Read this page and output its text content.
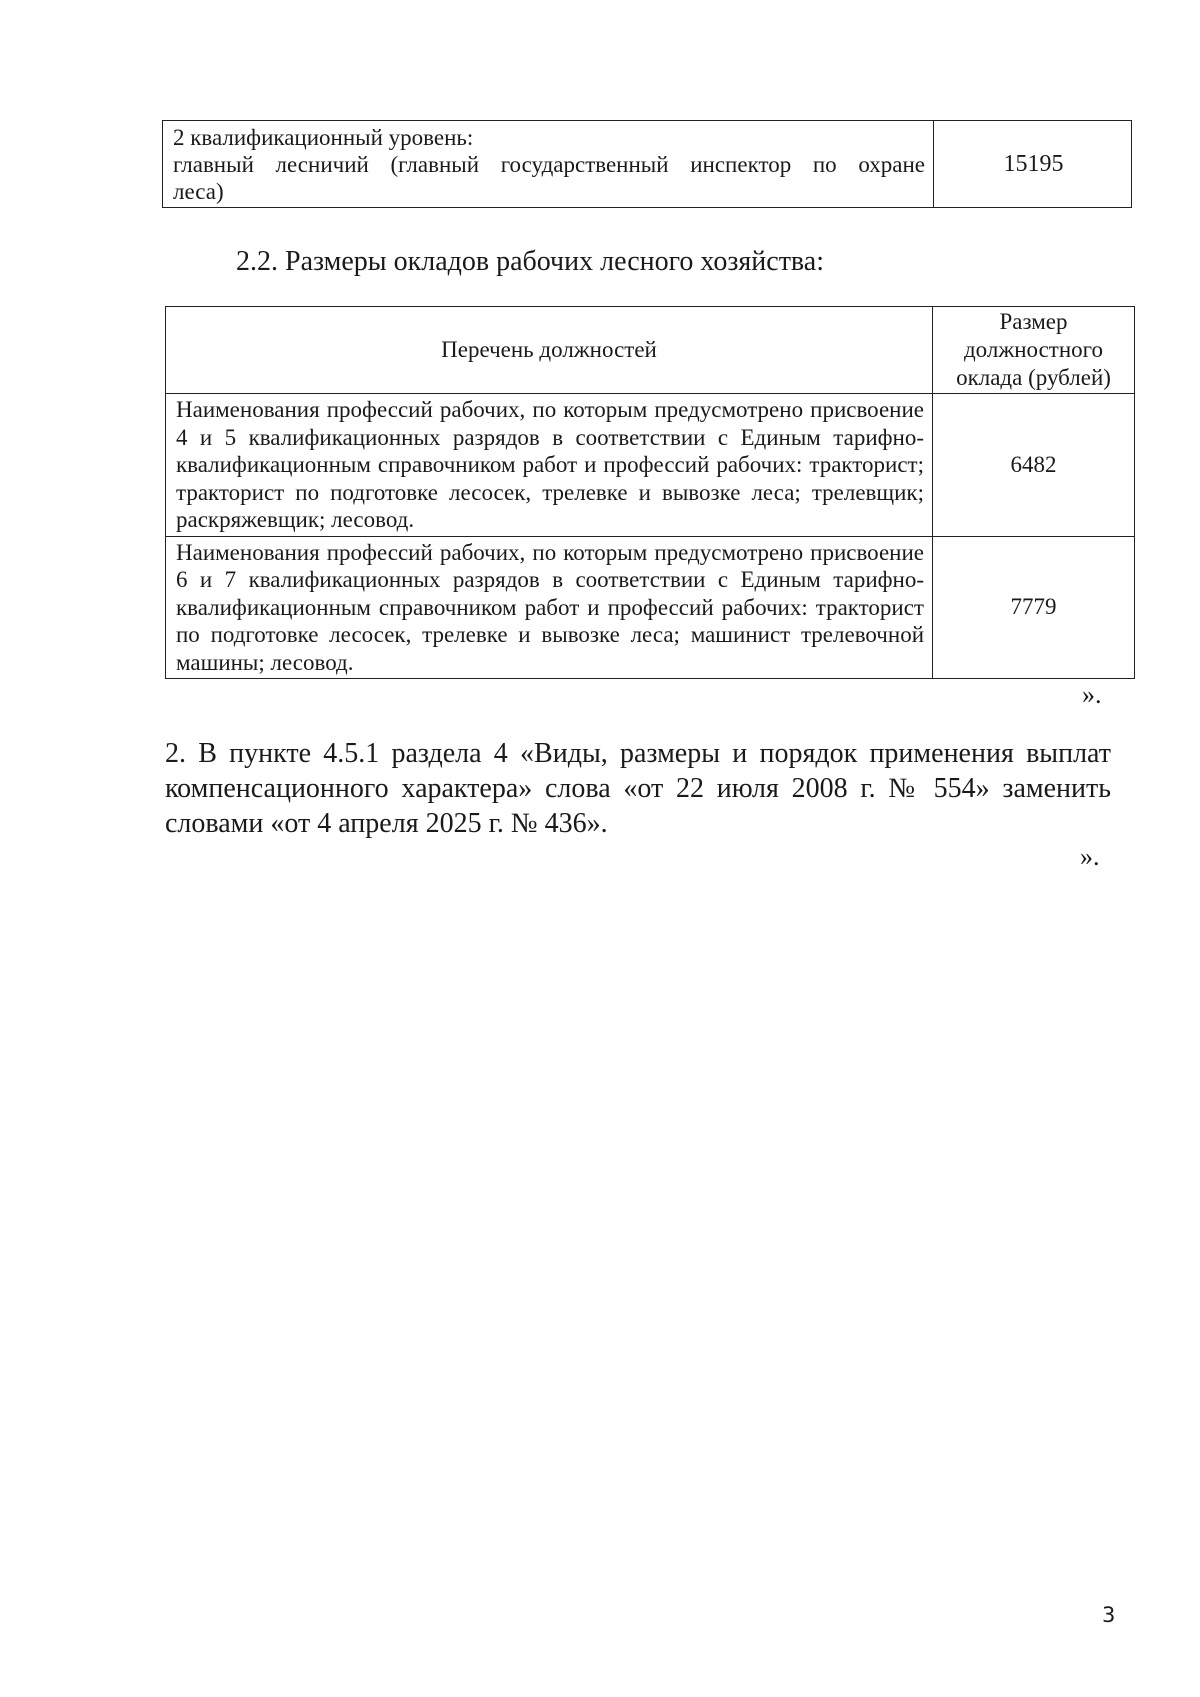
2 квалификационный уровень:
главный лесничий (главный государственный инспектор по охране
леса)
	15195
2.2. Размеры окладов рабочих лесного хозяйства:
Перечень должностей	Размер
должностного
оклада (рублей)

Наименования профессий рабочих, по которым предусмотрено присвоение 4 и 5 квалификационных разрядов в соответствии с Единым тарифно-квалификационным справочником работ и профессий рабочих: тракторист; тракторист по подготовке лесосек, трелевке и вывозке леса; трелевщик; раскряжевщик; лесовод.	6482
Наименования профессий рабочих, по которым предусмотрено присвоение 6 и 7 квалификационных разрядов в соответствии с Единым тарифно-квалификационным справочником работ и профессий рабочих: тракторист по подготовке лесосек, трелевке и вывозке леса; машинист трелевочной машины; лесовод.	7779
».
2. В пункте 4.5.1 раздела 4 «Виды, размеры и порядок применения выплат компенсационного характера» слова «от 22 июля 2008 г. № 554» заменить словами «от 4 апреля 2025 г. № 436».
».
3
